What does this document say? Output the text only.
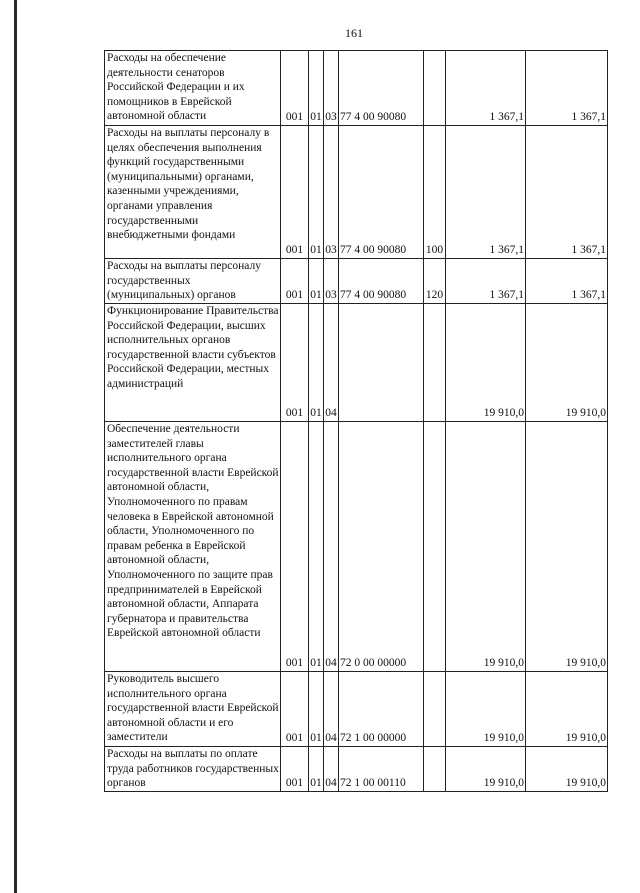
161
Расходы на обеспечение деятельности сенаторов Российской Федерации и их помощников в Еврейской автономной области	001	01	03	77 4 00 90080		1 367,1	1 367,1
Расходы на выплаты персоналу в целях обеспечения выполнения функций государственными (муниципальными) органами, казенными учреждениями, органами управления государственными внебюджетными фондами	001	01	03	77 4 00 90080	100	1 367,1	1 367,1
Расходы на выплаты персоналу государственных (муниципальных) органов	001	01	03	77 4 00 90080	120	1 367,1	1 367,1
Функционирование Правительства Российской Федерации, высших исполнительных органов государственной власти субъектов Российской Федерации, местных администраций	001	01	04			19 910,0	19 910,0
Обеспечение деятельности заместителей главы исполнительного органа государственной власти Еврейской автономной области, Уполномоченного по правам человека в Еврейской автономной области, Уполномоченного по правам ребенка в Еврейской автономной области, Уполномоченного по защите прав предпринимателей в Еврейской автономной области, Аппарата губернатора и правительства Еврейской автономной области	001	01	04	72 0 00 00000		19 910,0	19 910,0
Руководитель высшего исполнительного органа государственной власти Еврейской автономной области и его заместители	001	01	04	72 1 00 00000		19 910,0	19 910,0
Расходы на выплаты по оплате труда работников государственных органов	001	01	04	72 1 00 00110		19 910,0	19 910,0
